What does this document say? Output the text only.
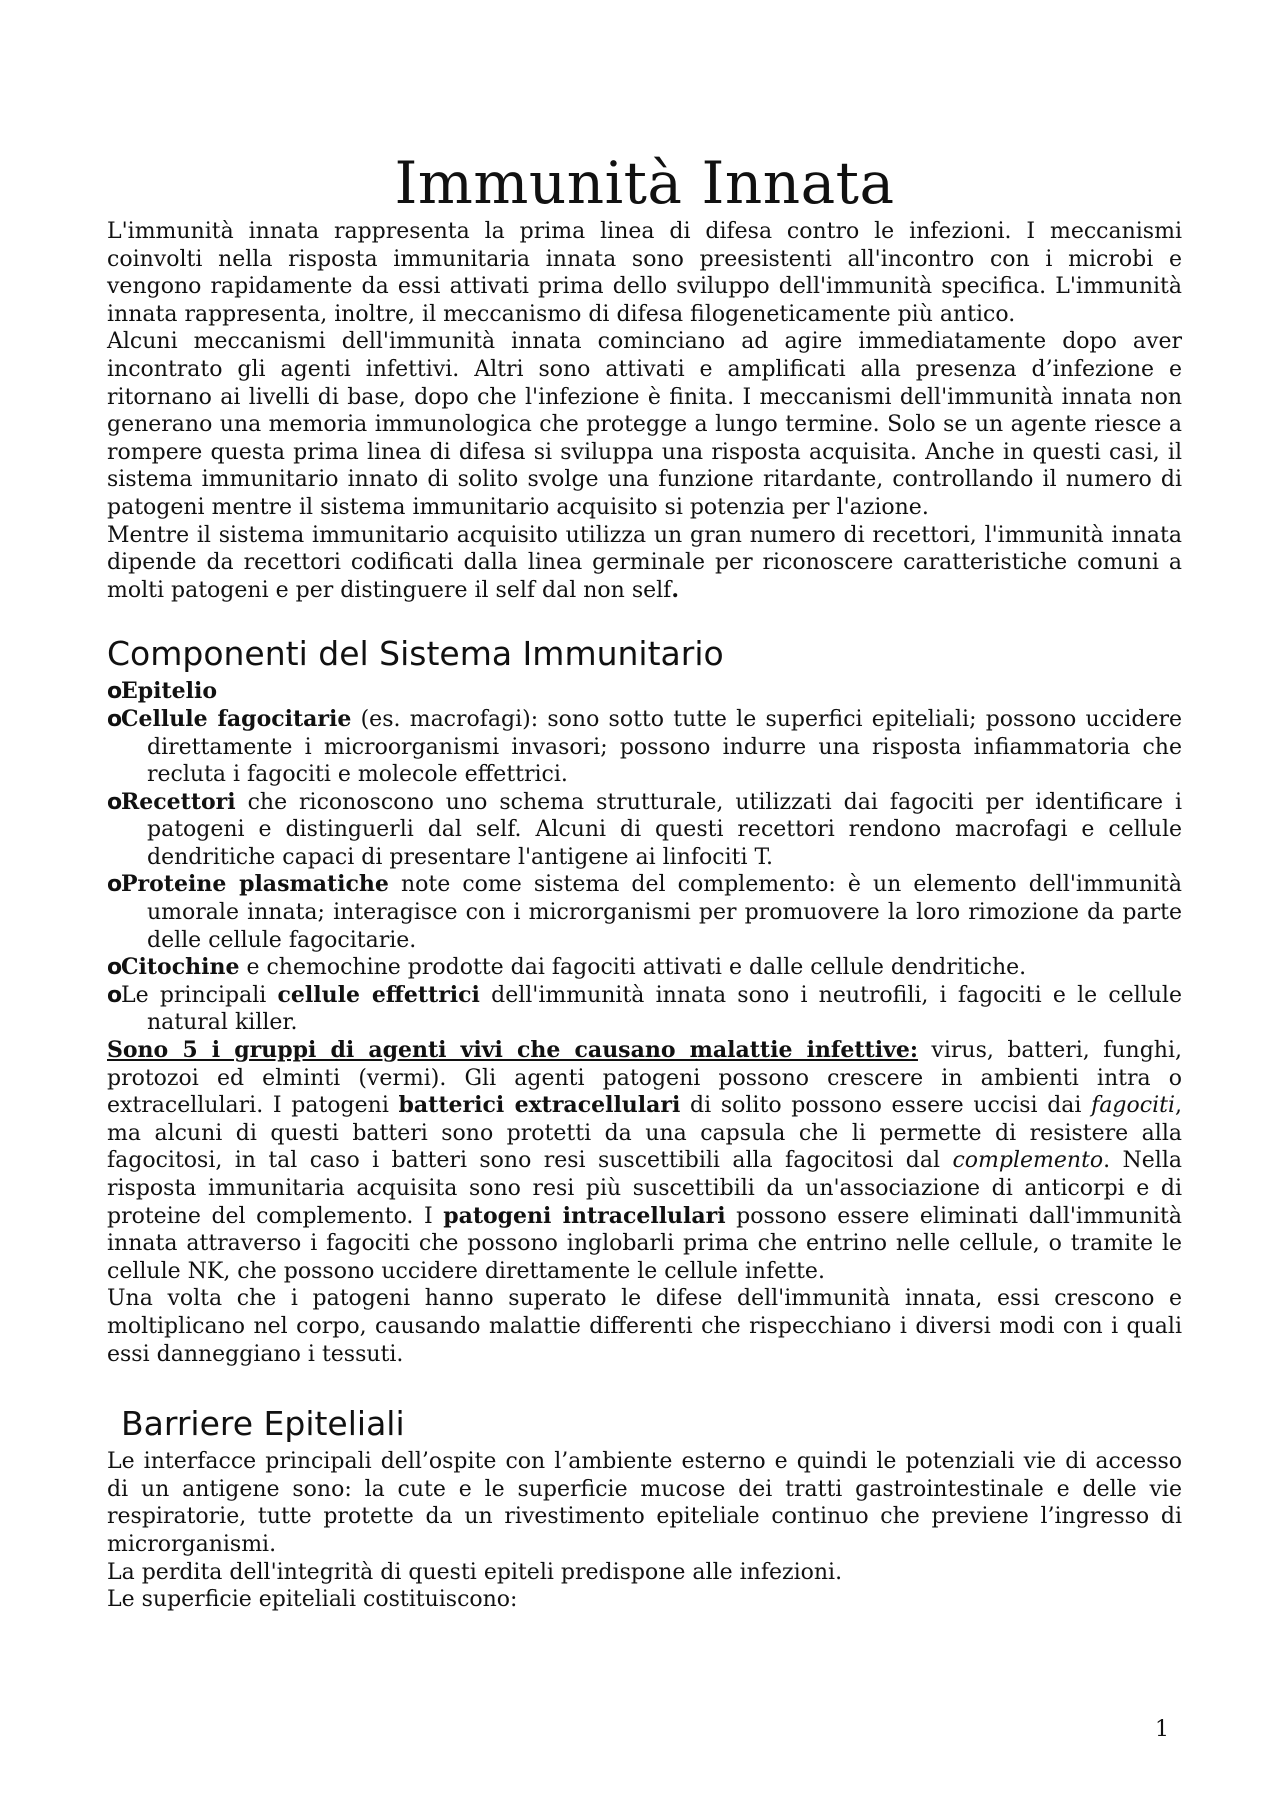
Immunità Innata

L'immunità innata rappresenta la prima linea di difesa contro le infezioni. I meccanismi coinvolti nella risposta immunitaria innata sono preesistenti all'incontro con i microbi e vengono rapidamente da essi attivati prima dello sviluppo dell'immunità specifica. L'immunità innata rappresenta, inoltre, il meccanismo di difesa filogeneticamente più antico.

Alcuni meccanismi dell'immunità innata cominciano ad agire immediatamente dopo aver incontrato gli agenti infettivi. Altri sono attivati e amplificati alla presenza d’infezione e ritornano ai livelli di base, dopo che l'infezione è finita. I meccanismi dell'immunità innata non generano una memoria immunologica che protegge a lungo termine. Solo se un agente riesce a rompere questa prima linea di difesa si sviluppa una risposta acquisita. Anche in questi casi, il sistema immunitario innato di solito svolge una funzione ritardante, controllando il numero di patogeni mentre il sistema immunitario acquisito si potenzia per l'azione.

Mentre il sistema immunitario acquisito utilizza un gran numero di recettori, l'immunità innata dipende da recettori codificati dalla linea germinale per riconoscere caratteristiche comuni a molti patogeni e per distinguere il self dal non self.

Componenti del Sistema Immunitario
oEpitelio
oCellule fagocitarie (es. macrofagi): sono sotto tutte le superfici epiteliali; possono uccidere direttamente i microorganismi invasori; possono indurre una risposta infiammatoria che recluta i fagociti e molecole effettrici.
oRecettori che riconoscono uno schema strutturale, utilizzati dai fagociti per identificare i patogeni e distinguerli dal self. Alcuni di questi recettori rendono macrofagi e cellule dendritiche capaci di presentare l'antigene ai linfociti T.
oProteine plasmatiche note come sistema del complemento: è un elemento dell'immunità umorale innata; interagisce con i microrganismi per promuovere la loro rimozione da parte delle cellule fagocitarie.
oCitochine e chemochine prodotte dai fagociti attivati e dalle cellule dendritiche.
oLe principali cellule effettrici dell'immunità innata sono i neutrofili, i fagociti e le cellule natural killer.

Sono 5 i gruppi di agenti vivi che causano malattie infettive: virus, batteri, funghi, protozoi ed elminti (vermi). Gli agenti patogeni possono crescere in ambienti intra o extracellulari. I patogeni batterici extracellulari di solito possono essere uccisi dai fagociti, ma alcuni di questi batteri sono protetti da una capsula che li permette di resistere alla fagocitosi, in tal caso i batteri sono resi suscettibili alla fagocitosi dal complemento. Nella risposta immunitaria acquisita sono resi più suscettibili da un'associazione di anticorpi e di proteine del complemento. I patogeni intracellulari possono essere eliminati dall'immunità innata attraverso i fagociti che possono inglobarli prima che entrino nelle cellule, o tramite le cellule NK, che possono uccidere direttamente le cellule infette.

Una volta che i patogeni hanno superato le difese dell'immunità innata, essi crescono e moltiplicano nel corpo, causando malattie differenti che rispecchiano i diversi modi con i quali essi danneggiano i tessuti.

Barriere Epiteliali

Le interfacce principali dell’ospite con l’ambiente esterno e quindi le potenziali vie di accesso di un antigene sono: la cute e le superficie mucose dei tratti gastrointestinale e delle vie respiratorie, tutte protette da un rivestimento epiteliale continuo che previene l’ingresso di microrganismi.

La perdita dell'integrità di questi epiteli predispone alle infezioni.

Le superficie epiteliali costituiscono:

1
